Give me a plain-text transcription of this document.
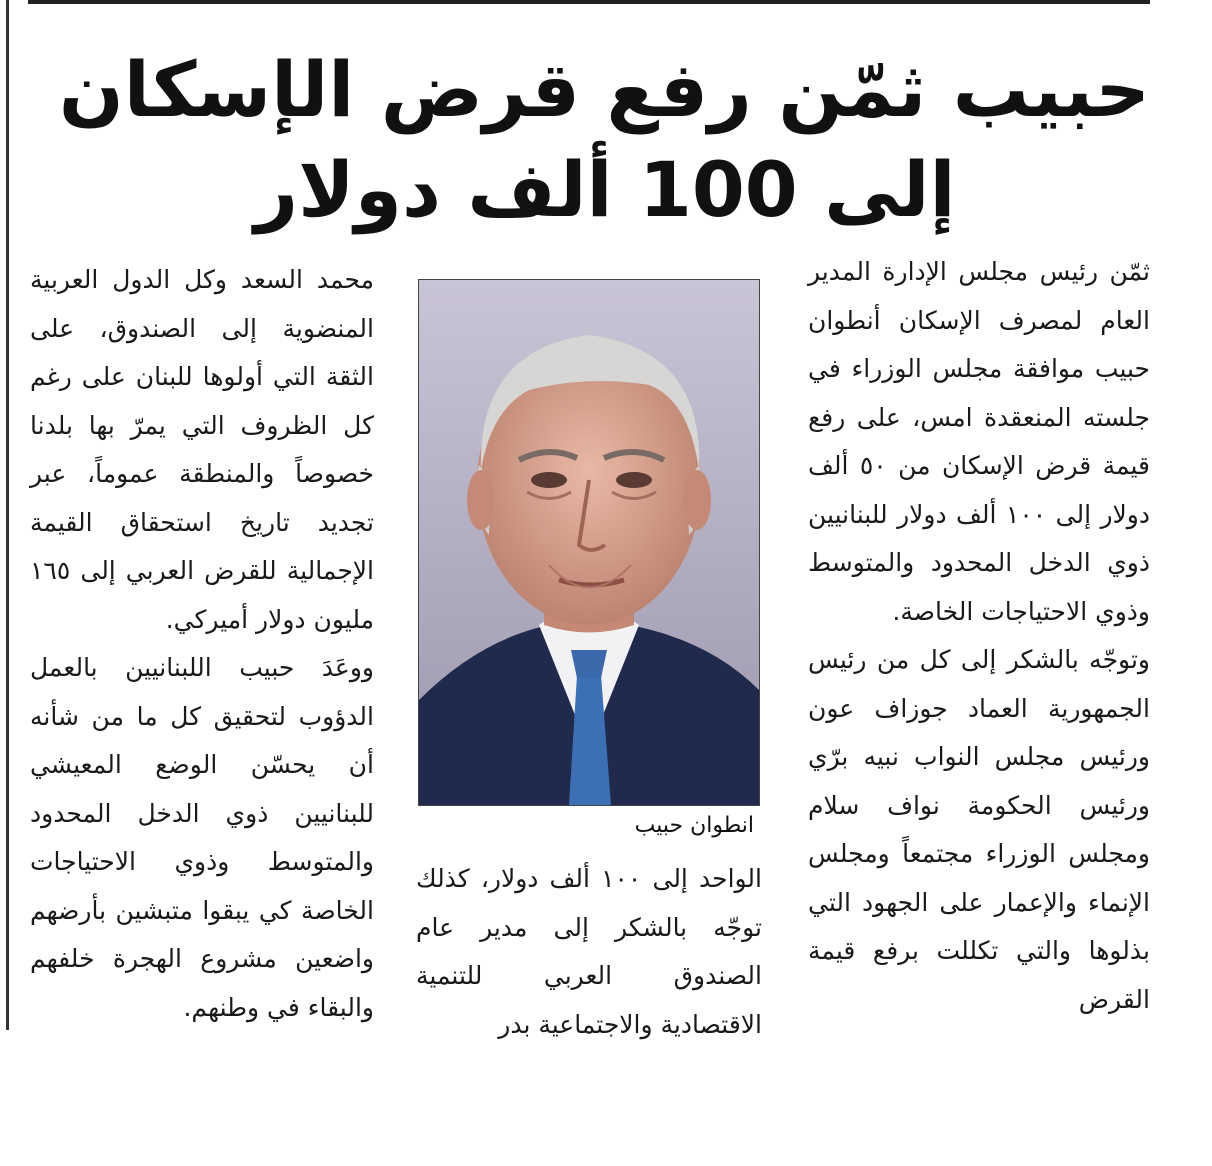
حبيب ثمّن رفع قرض الإسكان
إلى 100 ألف دولار

ثمّن رئيس مجلس الإدارة المدير العام لمصرف الإسكان أنطوان حبيب موافقة مجلس الوزراء في جلسته المنعقدة امس، على رفع قيمة قرض الإسكان من ٥٠ ألف دولار إلى ١٠٠ ألف دولار للبنانيين ذوي الدخل المحدود والمتوسط وذوي الاحتياجات الخاصة.

وتوجّه بالشكر إلى كل من رئيس الجمهورية العماد جوزاف عون ورئيس مجلس النواب نبيه برّي ورئيس الحكومة نواف سلام ومجلس الوزراء مجتمعاً ومجلس الإنماء والإعمار على الجهود التي بذلوها والتي تكللت برفع قيمة القرض

انطوان حبيب

الواحد إلى ١٠٠ ألف دولار، كذلك توجّه بالشكر إلى مدير عام الصندوق العربي للتنمية الاقتصادية والاجتماعية بدر

محمد السعد وكل الدول العربية المنضوية إلى الصندوق، على الثقة التي أولوها للبنان على رغم كل الظروف التي يمرّ بها بلدنا خصوصاً والمنطقة عموماً، عبر تجديد تاريخ استحقاق القيمة الإجمالية للقرض العربي إلى ١٦٥ مليون دولار أميركي.

ووعَدَ حبيب اللبنانيين بالعمل الدؤوب لتحقيق كل ما من شأنه أن يحسّن الوضع المعيشي للبنانيين ذوي الدخل المحدود والمتوسط وذوي الاحتياجات الخاصة كي يبقوا متبشين بأرضهم واضعين مشروع الهجرة خلفهم والبقاء في وطنهم.
